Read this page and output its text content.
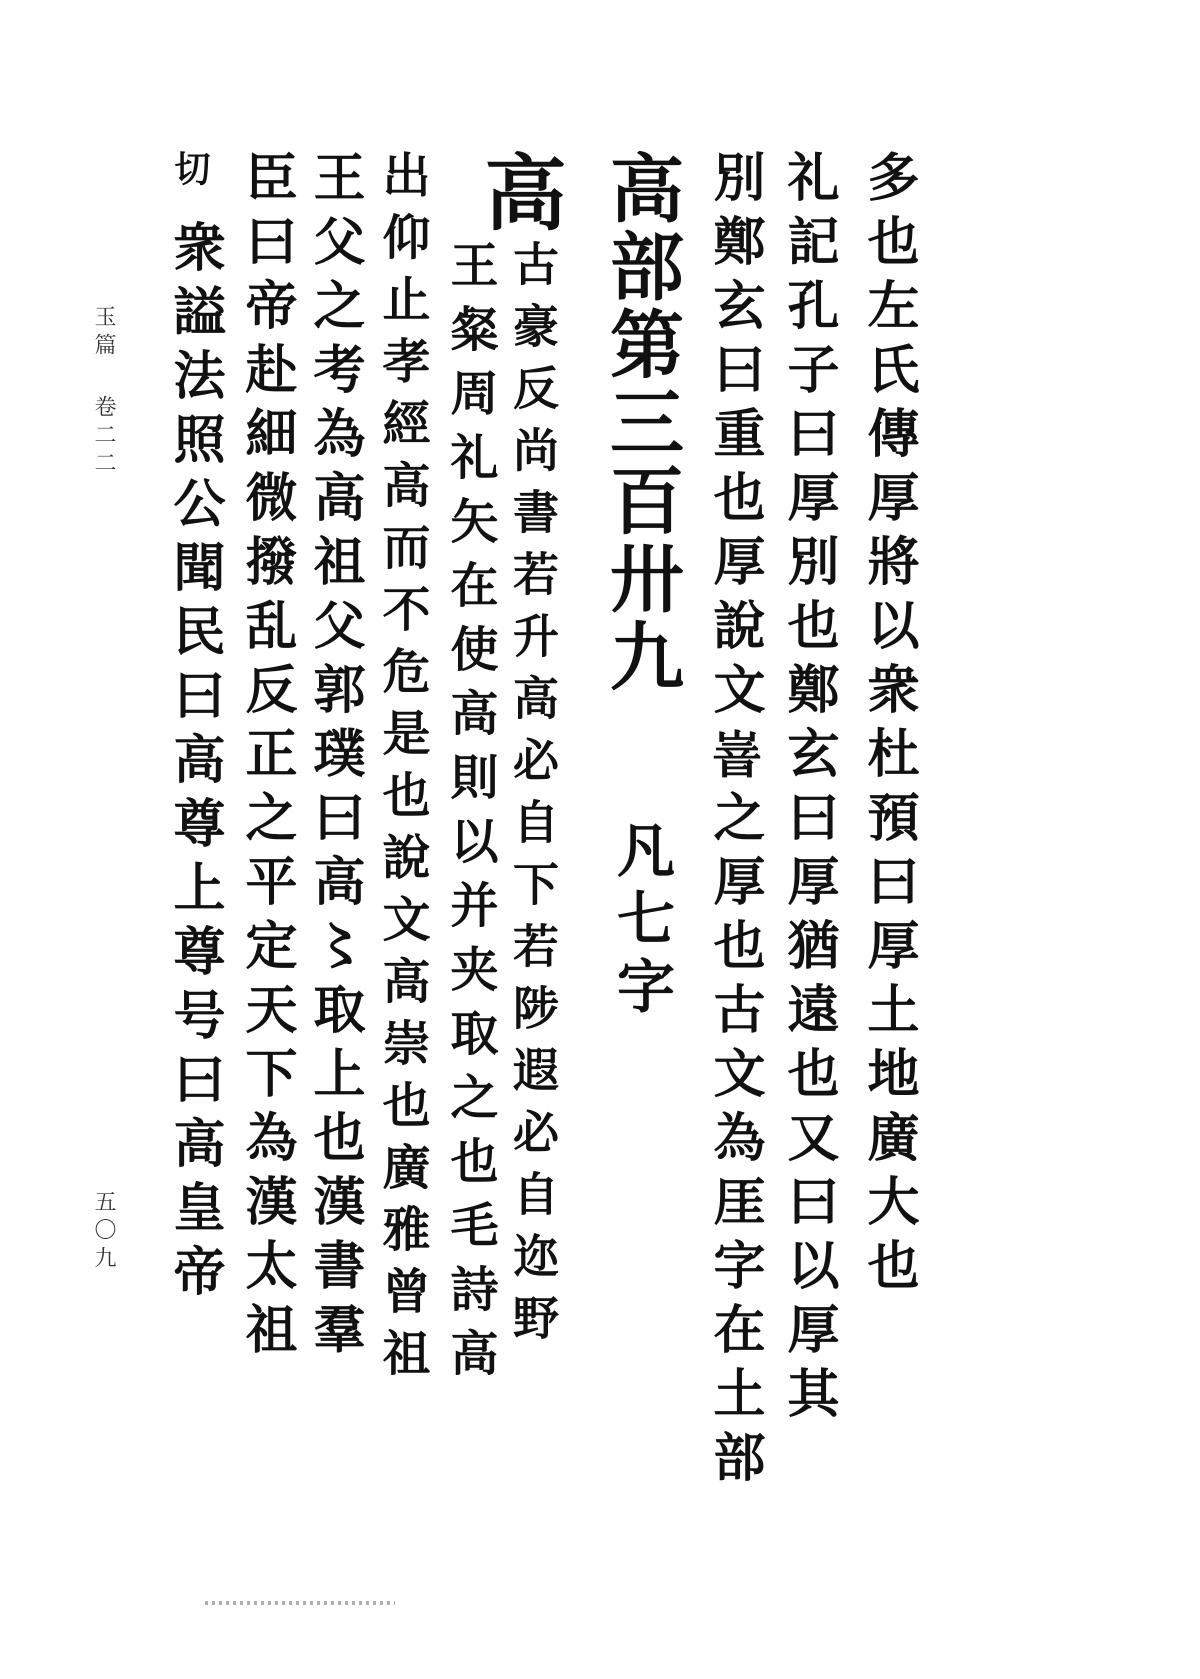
多也左氏傳厚將以衆杜預曰厚土地廣大也
礼記孔子曰厚別也鄭玄曰厚猶遠也又曰以厚其
別鄭玄曰重也厚說文𡺞之厚也古文為厓字在土部
高部第三百卅九
凡七字
高
古豪反尚書若升高必自下若陟遐必自迩野
王粲周礼矢在使高則以并夹取之也毛詩高
出仰止孝經高而不危是也說文高崇也廣雅曾祖
王父之考為高祖父郭璞曰高〻取上也漢書羣
臣曰帝赴細微撥乱反正之平定天下為漢太祖
切
衆謚法照公聞民曰高尊上尊号曰高皇帝
玉篇
卷二二
五〇九
